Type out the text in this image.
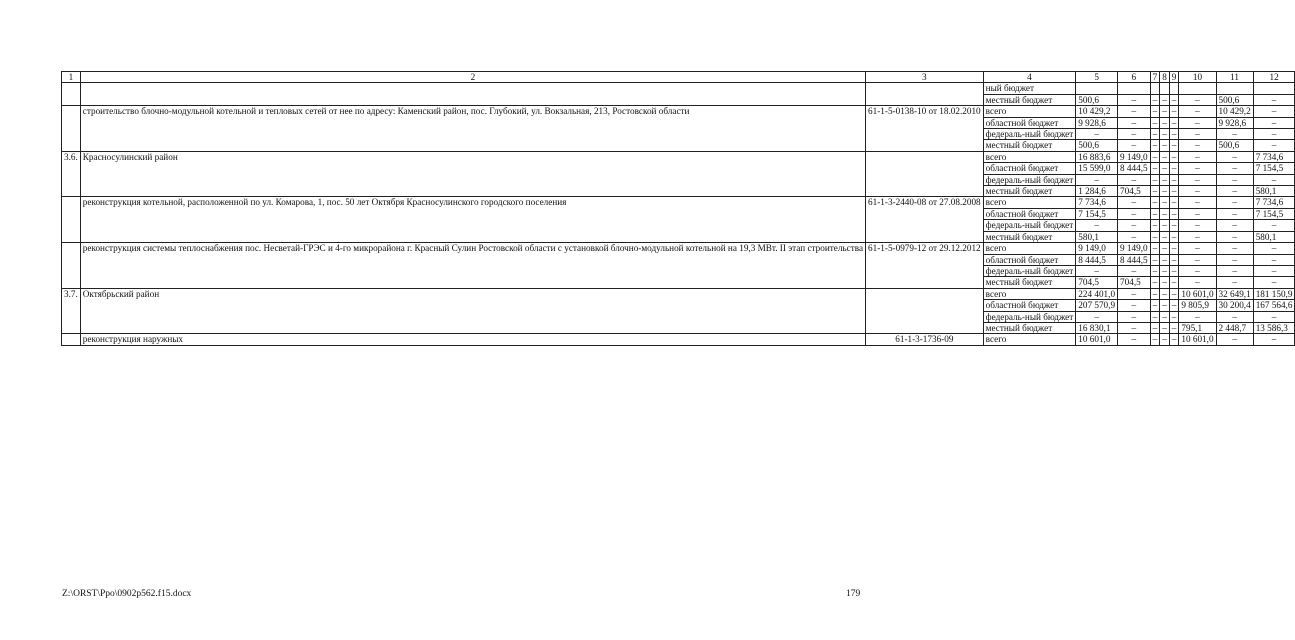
1	2	3	4	5	6	7	8	9	10	11	12
			ный бюджет								
			местный бюджет	500,6	–	–	–	–	–	500,6	–
	строительство блочно-модульной котельной и тепловых сетей от нее по адресу: Каменский район, пос. Глубокий, ул. Вокзальная, 213, Ростовской области	61-1-5-0138-10 от 18.02.2010	всего	10 429,2	–	–	–	–	–	10 429,2	–
			областной бюджет	9 928,6	–	–	–	–	–	9 928,6	–
			федераль-ный бюджет	–	–	–	–	–	–	–	–
			местный бюджет	500,6	–	–	–	–	–	500,6	–
3.6.	Красносулинский район		всего	16 883,6	9 149,0	–	–	–	–	–	7 734,6
			областной бюджет	15 599,0	8 444,5	–	–	–	–	–	7 154,5
			федераль-ный бюджет	–	–	–	–	–	–	–	–
			местный бюджет	1 284,6	704,5	–	–	–	–	–	580,1
	реконструкция котельной, расположенной по ул. Комарова, 1, пос. 50 лет Октября Красносулинского городского поселения	61-1-3-2440-08 от 27.08.2008	всего	7 734,6	–	–	–	–	–	–	7 734,6
			областной бюджет	7 154,5	–	–	–	–	–	–	7 154,5
			федераль-ный бюджет	–	–	–	–	–	–	–	–
			местный бюджет	580,1	–	–	–	–	–	–	580,1
	реконструкция системы теплоснабжения пос. Несветай-ГРЭС и 4-го микрорайона г. Красный Сулин Ростовской области с установкой блочно-модульной котельной на 19,3 МВт. II этап строительства	61-1-5-0979-12 от 29.12.2012	всего	9 149,0	9 149,0	–	–	–	–	–	–
			областной бюджет	8 444,5	8 444,5	–	–	–	–	–	–
			федераль-ный бюджет	–	–	–	–	–	–	–	–
			местный бюджет	704,5	704,5	–	–	–	–	–	–
3.7.	Октябрьский район		всего	224 401,0	–	–	–	–	10 601,0	32 649,1	181 150,9
			областной бюджет	207 570,9	–	–	–	–	9 805,9	30 200,4	167 564,6
			федераль-ный бюджет	–	–	–	–	–	–	–	–
			местный бюджет	16 830,1	–	–	–	–	795,1	2 448,7	13 586,3
	реконструкция наружных	61-1-3-1736-09	всего	10 601,0	–	–	–	–	10 601,0	–	–
Z:\ORST\Ppo\0902p562.f15.docx	179
